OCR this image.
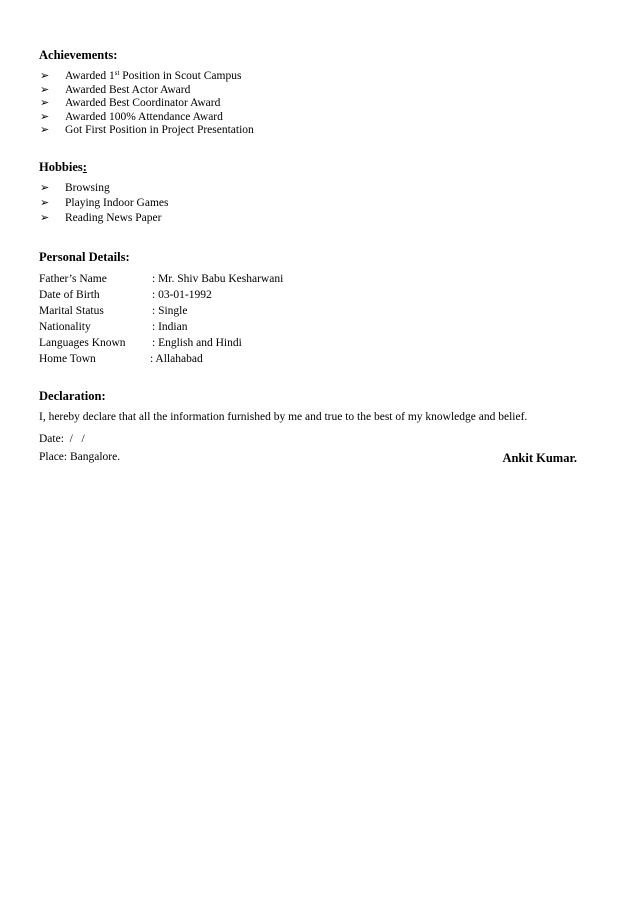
Achievements:
➢ Awarded 1st Position in Scout Campus
➢ Awarded Best Actor Award
➢ Awarded Best Coordinator Award
➢ Awarded 100% Attendance Award
➢ Got First Position in Project Presentation
Hobbies:
➢ Browsing
➢ Playing Indoor Games
➢ Reading News Paper
Personal Details:
Father’s Name	: Mr. Shiv Babu Kesharwani
Date of Birth	: 03-01-1992
Marital Status	: Single
Nationality	: Indian
Languages Known : English and Hindi
Home Town	: Allahabad
Declaration:
I, hereby declare that all the information furnished by me and true to the best of my knowledge and belief.
Date:  /   /
Place: Bangalore.	Ankit Kumar.
